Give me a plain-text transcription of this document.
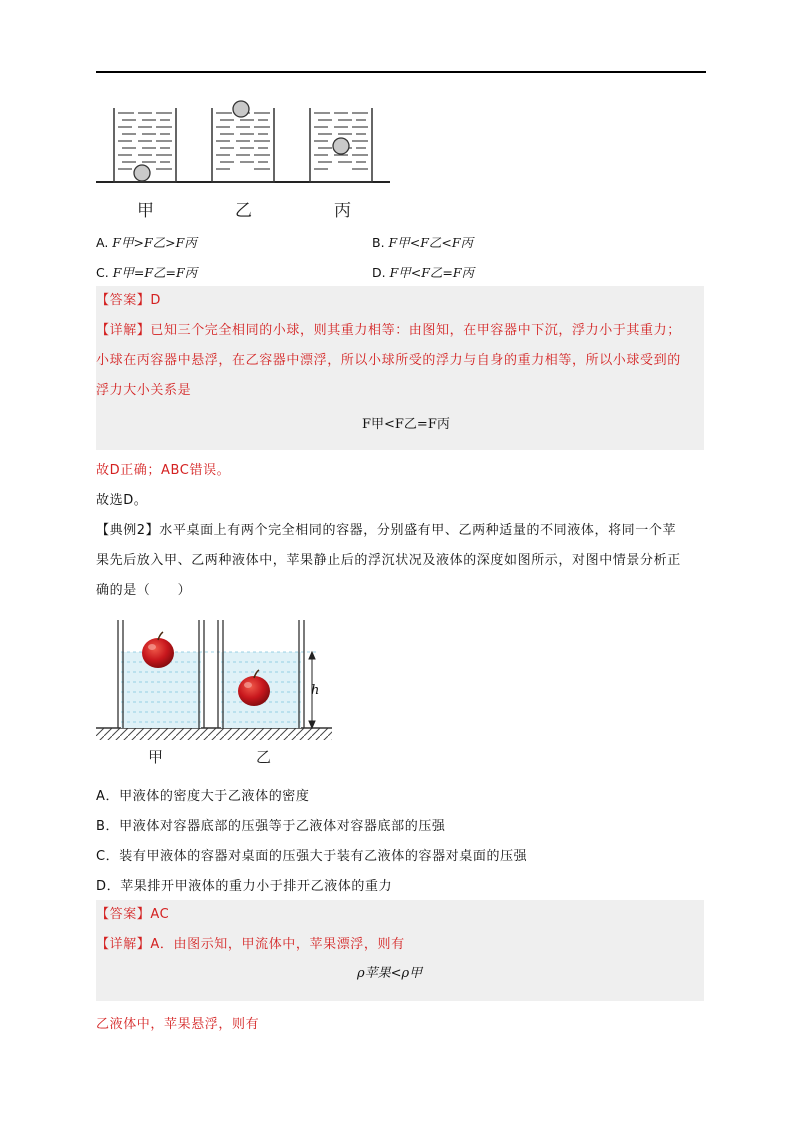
甲	乙	丙
A. F甲>F乙>F丙	B. F甲<F乙<F丙
C. F甲=F乙=F丙	D. F甲<F乙=F丙
【答案】D
【详解】已知三个完全相同的小球，则其重力相等：由图知，在甲容器中下沉，浮力小于其重力；
小球在丙容器中悬浮，在乙容器中漂浮，所以小球所受的浮力与自身的重力相等，所以小球受到的
浮力大小关系是
F甲<F乙=F丙
故D正确；ABC错误。
故选D。
【典例2】水平桌面上有两个完全相同的容器，分别盛有甲、乙两种适量的不同液体，将同一个苹
果先后放入甲、乙两种液体中，苹果静止后的浮沉状况及液体的深度如图所示，对图中情景分析正
确的是（　　）
h
甲	乙
A．甲液体的密度大于乙液体的密度
B．甲液体对容器底部的压强等于乙液体对容器底部的压强
C．装有甲液体的容器对桌面的压强大于装有乙液体的容器对桌面的压强
D．苹果排开甲液体的重力小于排开乙液体的重力
【答案】AC
【详解】A．由图示知，甲流体中，苹果漂浮，则有
ρ苹果<ρ甲
乙液体中，苹果悬浮，则有
